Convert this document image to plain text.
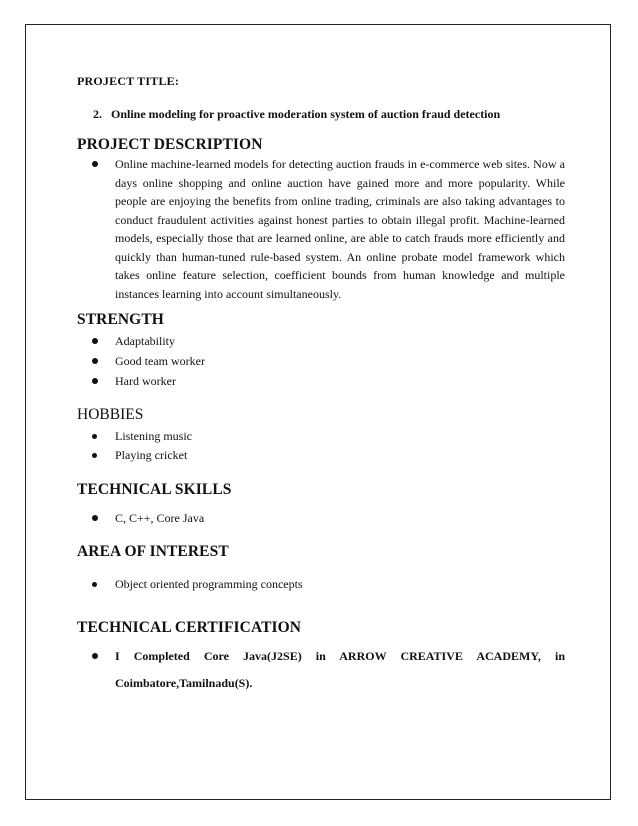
PROJECT TITLE:
2. Online modeling for proactive moderation system of auction fraud detection
PROJECT DESCRIPTION
Online machine-learned models for detecting auction frauds in e-commerce web sites. Now a days online shopping and online auction have gained more and more popularity. While people are enjoying the benefits from online trading, criminals are also taking advantages to conduct fraudulent activities against honest parties to obtain illegal profit. Machine-learned models, especially those that are learned online, are able to catch frauds more efficiently and quickly than human-tuned rule-based system. An online probate model framework which takes online feature selection, coefficient bounds from human knowledge and multiple instances learning into account simultaneously.
STRENGTH
Adaptability
Good team worker
Hard worker
HOBBIES
Listening music
Playing cricket
TECHNICAL SKILLS
C, C++, Core Java
AREA OF INTEREST
Object oriented programming concepts
TECHNICAL CERTIFICATION
I Completed Core Java(J2SE) in ARROW CREATIVE ACADEMY, in Coimbatore,Tamilnadu(S).
